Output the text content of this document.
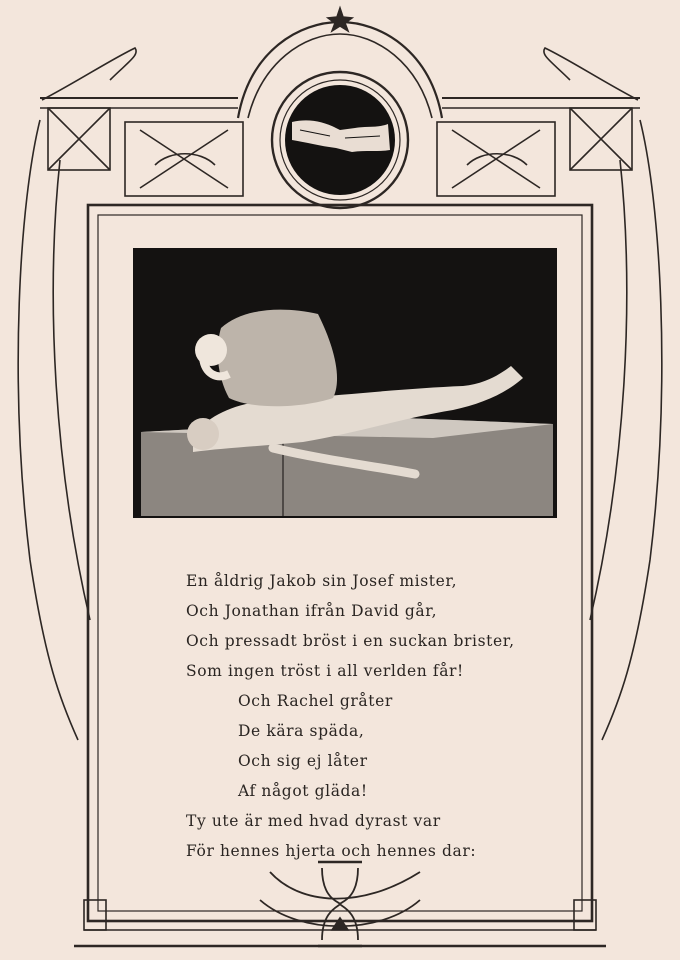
En åldrig Jakob sin Josef mister,
Och Jonathan ifrån David går,
Och pressadt bröst i en suckan brister,
Som ingen tröst i all verlden får!
Och Rachel gråter
De kära späda,
Och sig ej låter
Af något glädа!
Ty ute är med hvad dyrast var
För hennes hjerta och hennes dar:
